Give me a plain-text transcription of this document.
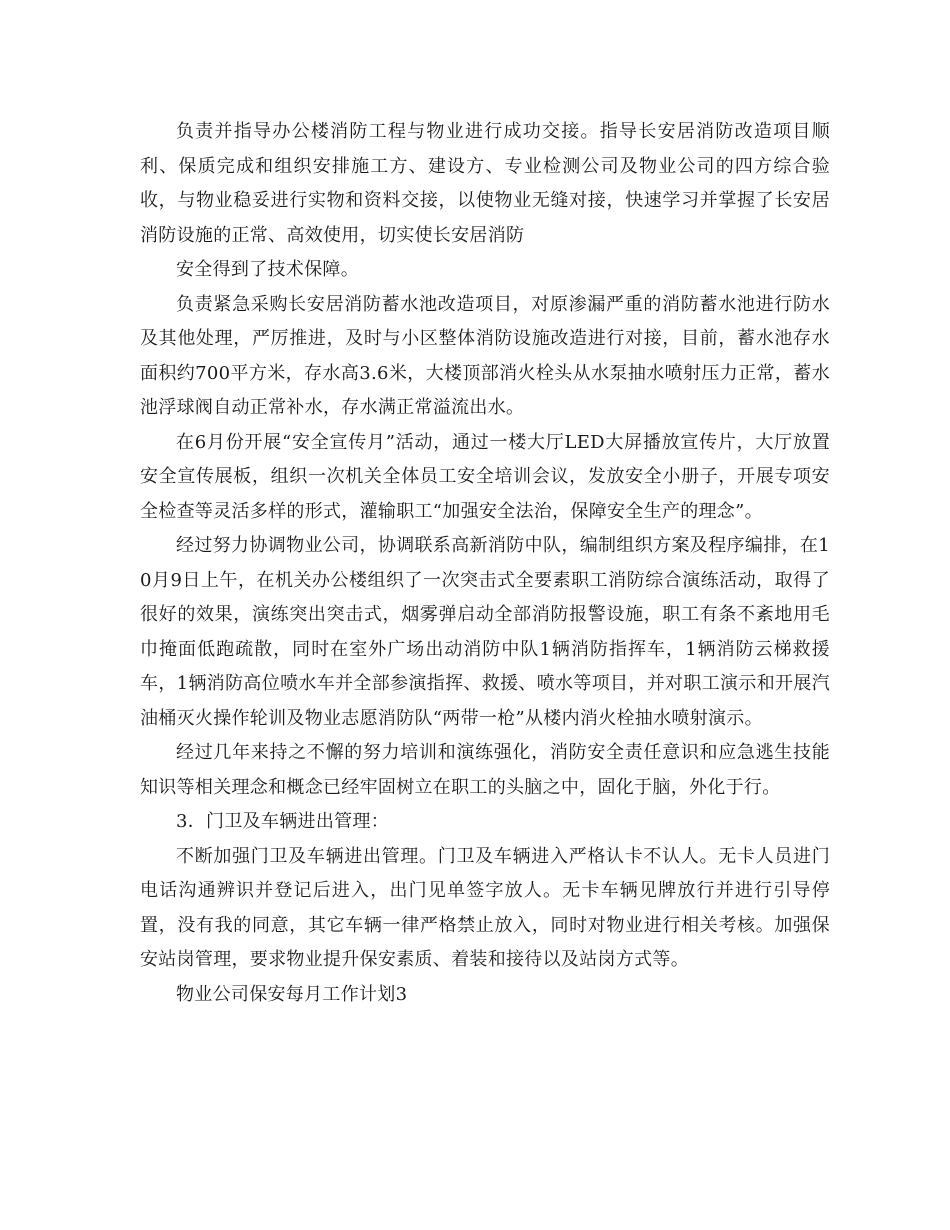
负责并指导办公楼消防工程与物业进行成功交接。指导长安居消防改造项目顺利、保质完成和组织安排施工方、建设方、专业检测公司及物业公司的四方综合验收，与物业稳妥进行实物和资料交接，以使物业无缝对接，快速学习并掌握了长安居消防设施的正常、高效使用，切实使长安居消防

安全得到了技术保障。

负责紧急采购长安居消防蓄水池改造项目，对原渗漏严重的消防蓄水池进行防水及其他处理，严厉推进，及时与小区整体消防设施改造进行对接，目前，蓄水池存水面积约700平方米，存水高3.6米，大楼顶部消火栓头从水泵抽水喷射压力正常，蓄水池浮球阀自动正常补水，存水满正常溢流出水。

在6月份开展“安全宣传月”活动，通过一楼大厅LED大屏播放宣传片，大厅放置安全宣传展板，组织一次机关全体员工安全培训会议，发放安全小册子，开展专项安全检查等灵活多样的形式，灌输职工“加强安全法治，保障安全生产的理念”。

经过努力协调物业公司，协调联系高新消防中队，编制组织方案及程序编排，在10月9日上午，在机关办公楼组织了一次突击式全要素职工消防综合演练活动，取得了很好的效果，演练突出突击式，烟雾弹启动全部消防报警设施，职工有条不紊地用毛巾掩面低跑疏散，同时在室外广场出动消防中队1辆消防指挥车，1辆消防云梯救援车，1辆消防高位喷水车并全部参演指挥、救援、喷水等项目，并对职工演示和开展汽油桶灭火操作轮训及物业志愿消防队“两带一枪”从楼内消火栓抽水喷射演示。

经过几年来持之不懈的努力培训和演练强化，消防安全责任意识和应急逃生技能知识等相关理念和概念已经牢固树立在职工的头脑之中，固化于脑，外化于行。

3．门卫及车辆进出管理：

不断加强门卫及车辆进出管理。门卫及车辆进入严格认卡不认人。无卡人员进门电话沟通辨识并登记后进入，出门见单签字放人。无卡车辆见牌放行并进行引导停置，没有我的同意，其它车辆一律严格禁止放入，同时对物业进行相关考核。加强保安站岗管理，要求物业提升保安素质、着装和接待以及站岗方式等。

物业公司保安每月工作计划3
